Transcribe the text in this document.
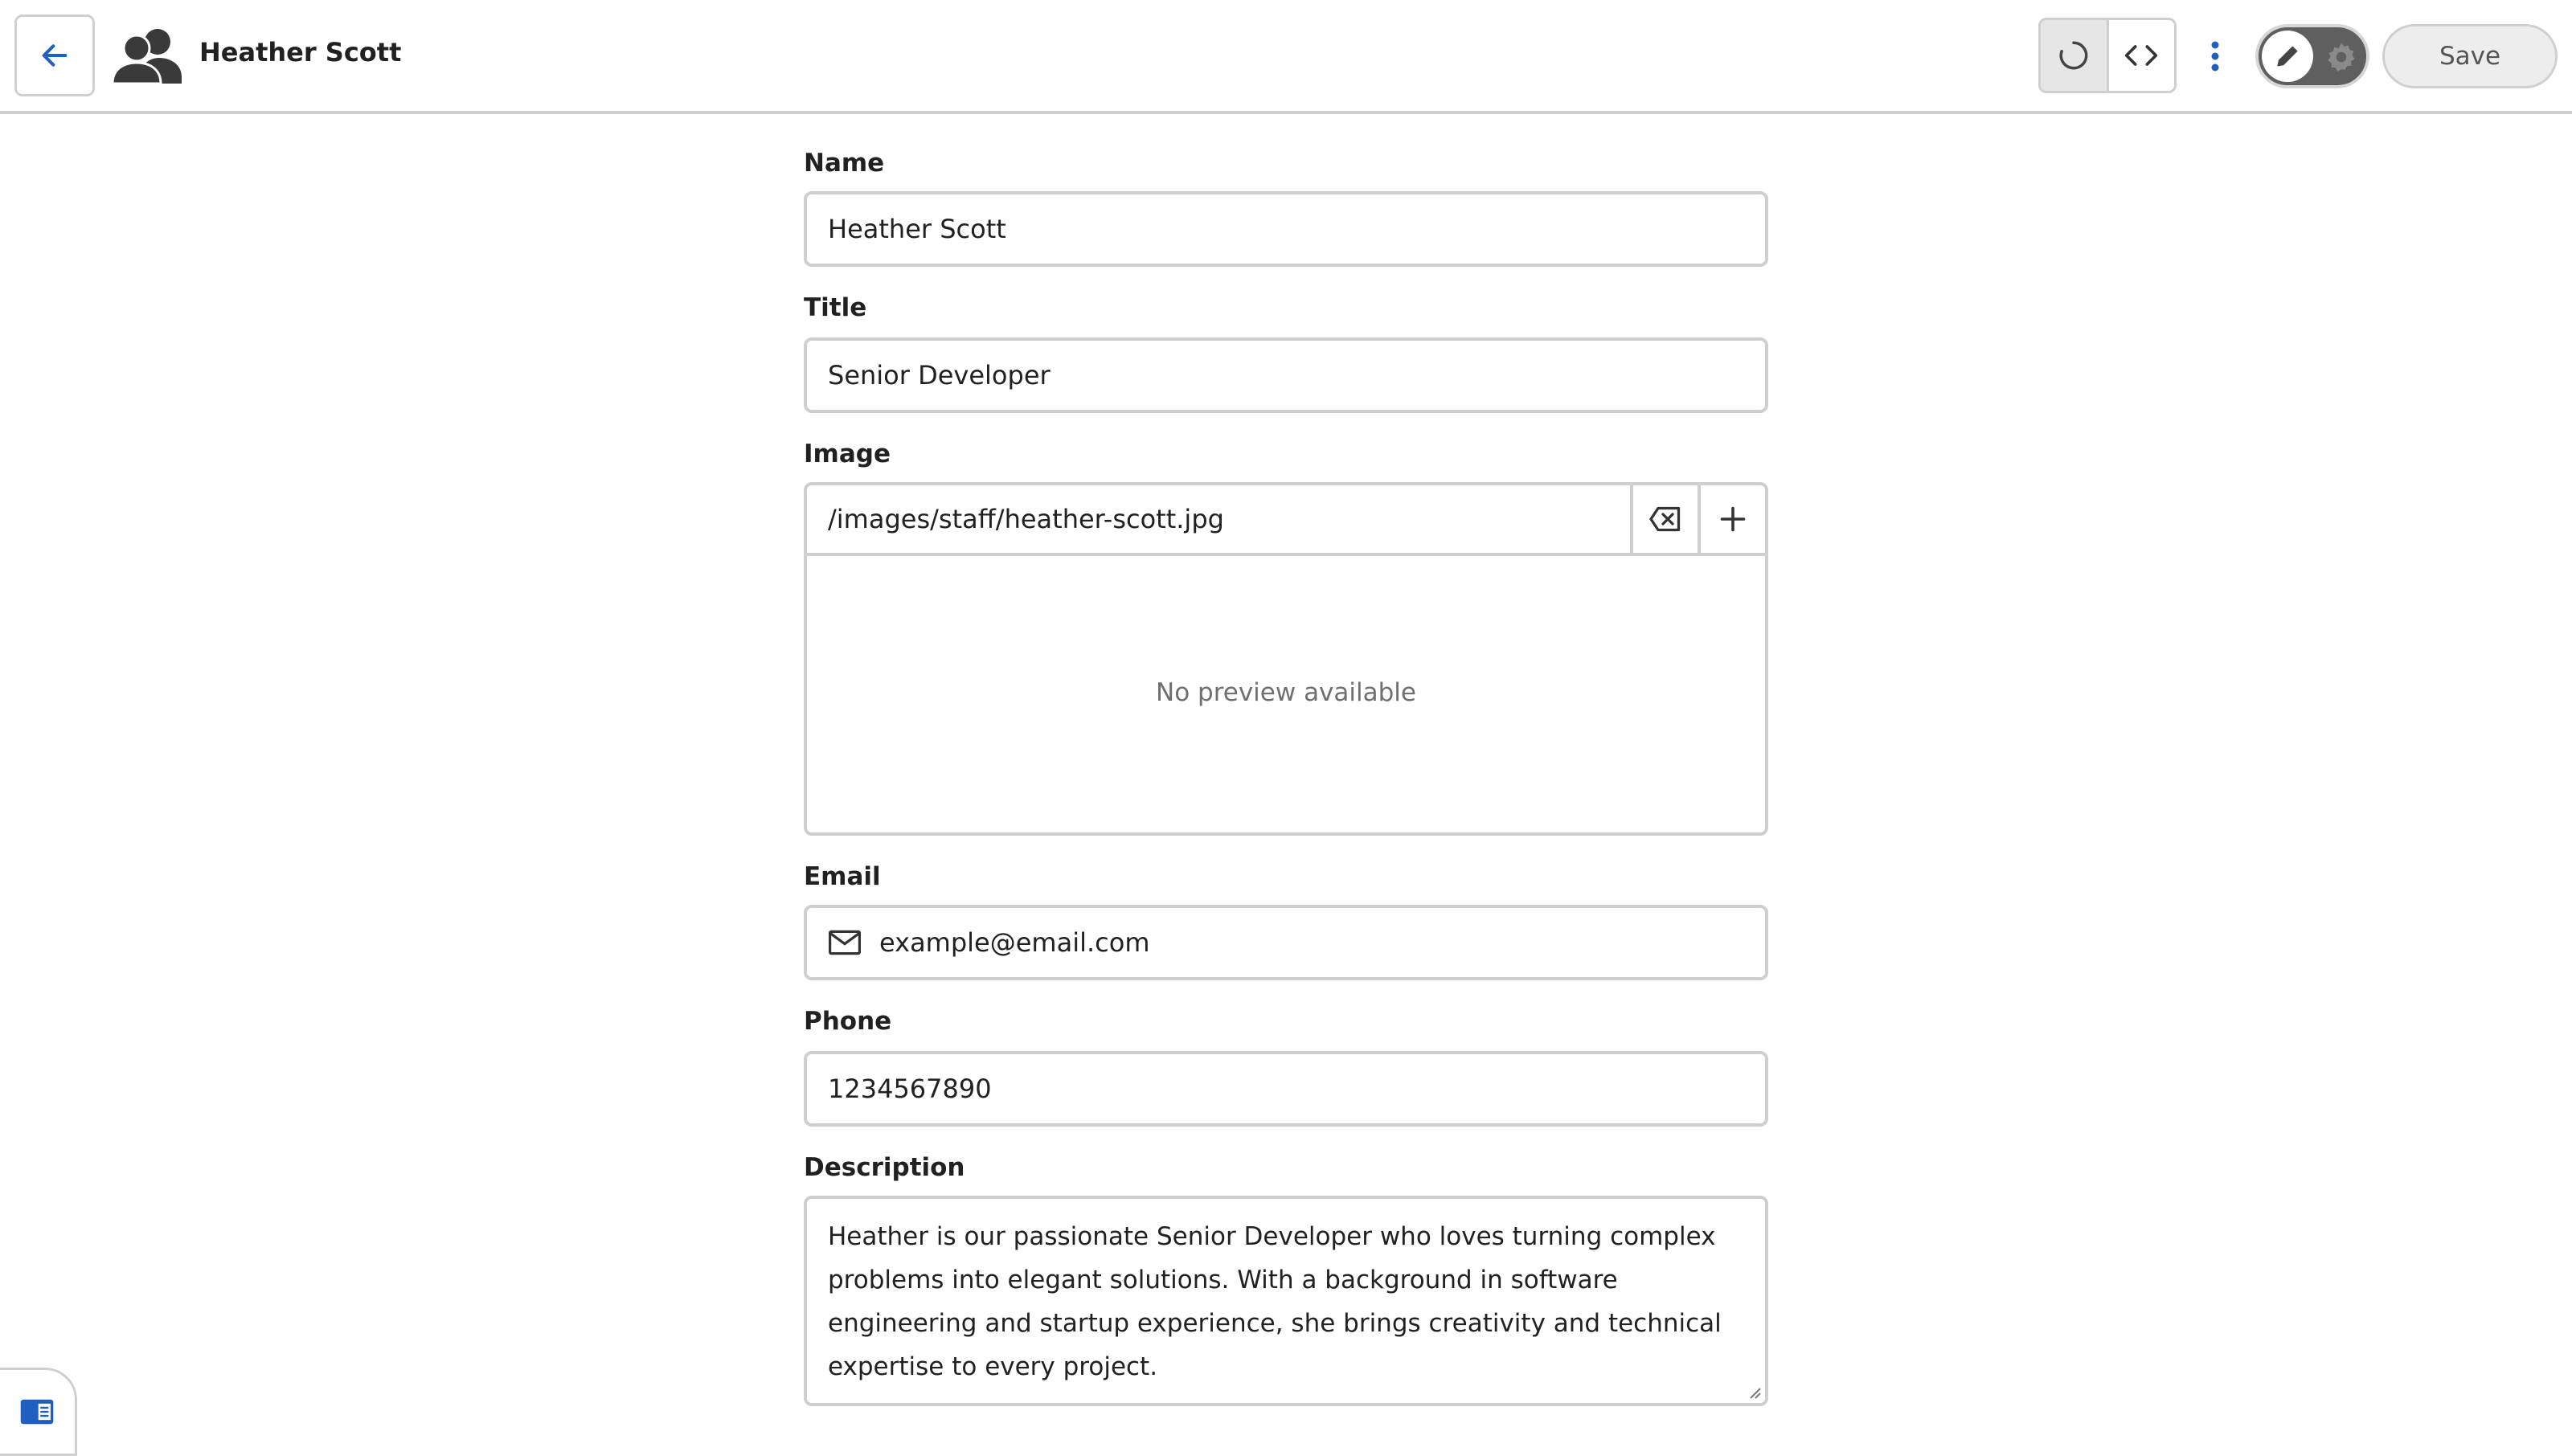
Heather Scott	Save
Name
Heather Scott
Title
Senior Developer
Image
/images/staff/heather-scott.jpg
No preview available
Email
example@email.com
Phone
1234567890
Description
Heather is our passionate Senior Developer who loves turning complex problems into elegant solutions. With a background in software engineering and startup experience, she brings creativity and technical expertise to every project.
